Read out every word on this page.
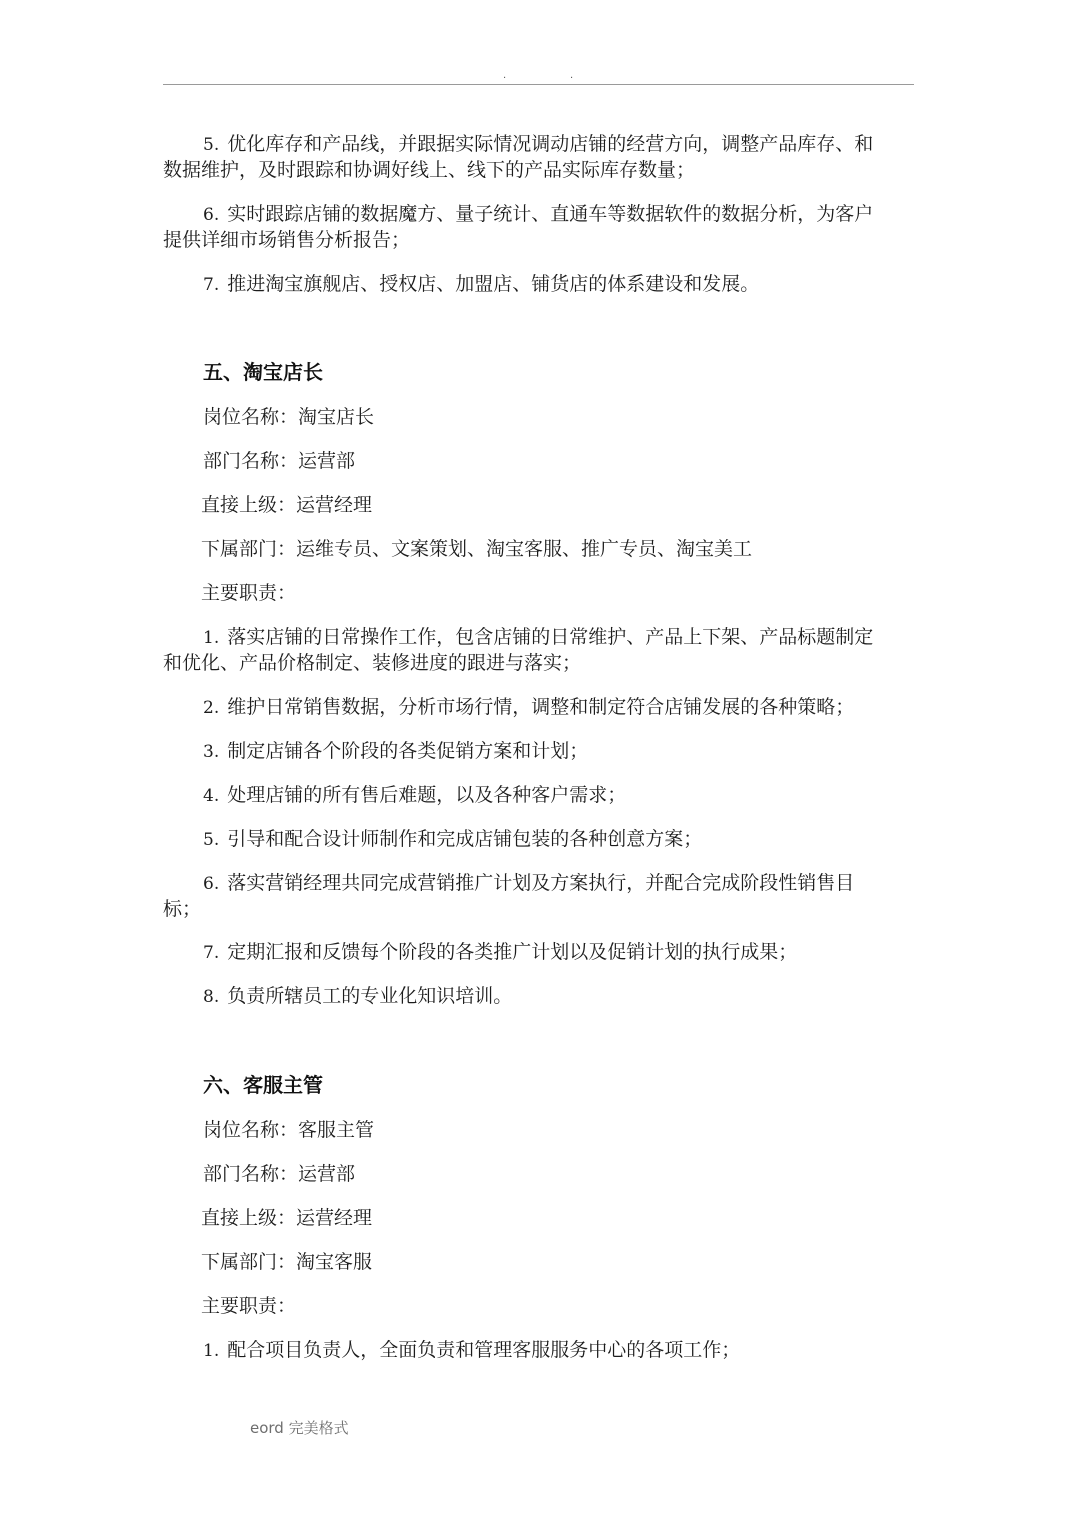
·	·
5. 优化库存和产品线，并跟据实际情况调动店铺的经营方向，调整产品库存、和
数据维护，及时跟踪和协调好线上、线下的产品实际库存数量；
6. 实时跟踪店铺的数据魔方、量子统计、直通车等数据软件的数据分析，为客户
提供详细市场销售分析报告；
7. 推进淘宝旗舰店、授权店、加盟店、铺货店的体系建设和发展。
五、淘宝店长
岗位名称：淘宝店长
部门名称：运营部
直接上级：运营经理
下属部门：运维专员、文案策划、淘宝客服、推广专员、淘宝美工
主要职责：
1. 落实店铺的日常操作工作，包含店铺的日常维护、产品上下架、产品标题制定
和优化、产品价格制定、装修进度的跟进与落实；
2. 维护日常销售数据，分析市场行情，调整和制定符合店铺发展的各种策略；
3. 制定店铺各个阶段的各类促销方案和计划；
4. 处理店铺的所有售后难题，以及各种客户需求；
5. 引导和配合设计师制作和完成店铺包装的各种创意方案；
6. 落实营销经理共同完成营销推广计划及方案执行，并配合完成阶段性销售目
标；
7. 定期汇报和反馈每个阶段的各类推广计划以及促销计划的执行成果；
8. 负责所辖员工的专业化知识培训。
六、客服主管
岗位名称：客服主管
部门名称：运营部
直接上级：运营经理
下属部门：淘宝客服
主要职责：
1. 配合项目负责人，全面负责和管理客服服务中心的各项工作；
eord 完美格式
